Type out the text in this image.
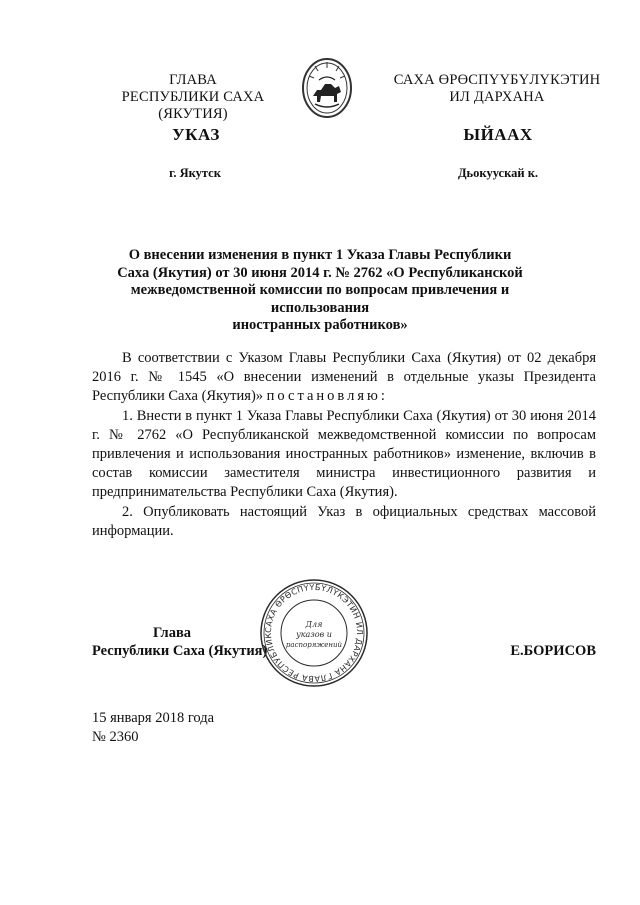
ГЛАВА
РЕСПУБЛИКИ САХА (ЯКУТИЯ)
САХА ӨРӨСПҮҮБҮЛҮКЭТИН
ИЛ ДАРХАНА
УКАЗ	ЫЙААХ
г. Якутск	Дьокуускай к.
О внесении изменения в пункт 1 Указа Главы Республики
Саха (Якутия) от 30 июня 2014 г. № 2762 «О Республиканской
межведомственной комиссии по вопросам привлечения и использования
иностранных работников»

В соответствии с Указом Главы Республики Саха (Якутия) от 02 декабря 2016 г. № 1545 «О внесении изменений в отдельные указы Президента Республики Саха (Якутия)» постановляю:

1. Внести в пункт 1 Указа Главы Республики Саха (Якутия) от 30 июня 2014 г. № 2762 «О Республиканской межведомственной комиссии по вопросам привлечения и использования иностранных работников» изменение, включив в состав комиссии заместителя министра инвестиционного развития и предпринимательства Республики Саха (Якутия).

2. Опубликовать настоящий Указ в официальных средствах массовой информации.

Глава
Республики Саха (Якутия)	Е.БОРИСОВ
САХА ӨРӨСПҮҮБҮЛҮКЭТИН ИЛ ДАРХАНА ГЛАВА РЕСПУБЛИК
Для
указов и
распоряжений
15 января 2018 года
№ 2360
